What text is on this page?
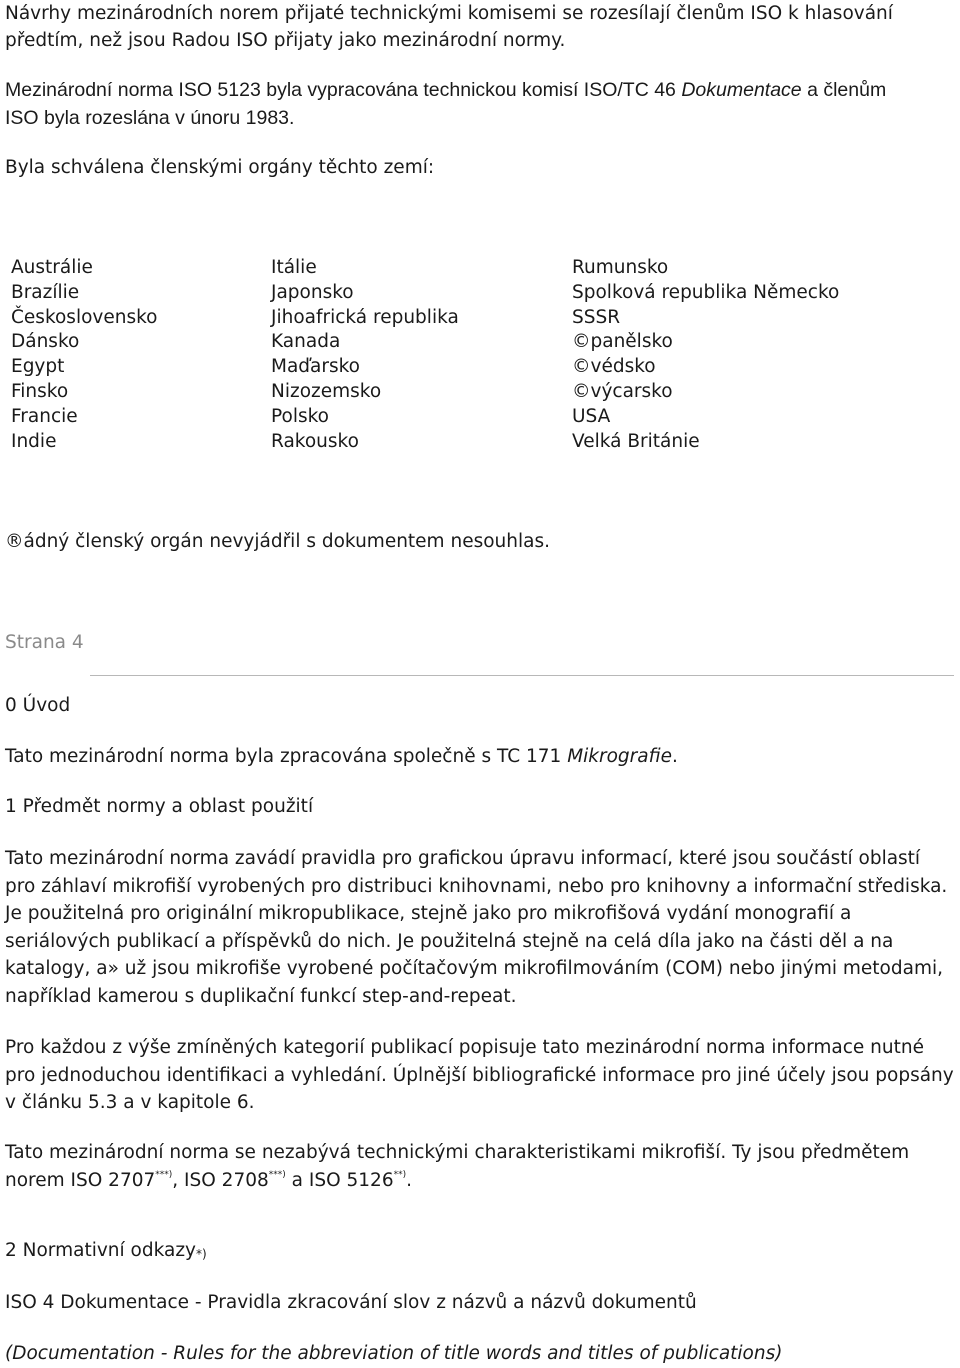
Návrhy mezinárodních norem přijaté technickými komisemi se rozesílají členům ISO k hlasování
předtím, než jsou Radou ISO přijaty jako mezinárodní normy.

Mezinárodní norma ISO 5123 byla vypracována technickou komisí ISO/TC 46 Dokumentace a členům
ISO byla rozeslána v únoru 1983.

Byla schválena členskými orgány těchto zemí:

Austrálie
Brazílie
Československo
Dánsko
Egypt
Finsko
Francie
Indie
Itálie
Japonsko
Jihoafrická republika
Kanada
Maďarsko
Nizozemsko
Polsko
Rakousko
Rumunsko
Spolková republika Německo
SSSR
©panělsko
©védsko
©výcarsko
USA
Velká Británie

®ádný členský orgán nevyjádřil s dokumentem nesouhlas.

Strana 4

0 Úvod

Tato mezinárodní norma byla zpracována společně s TC 171 Mikrografie.

1 Předmět normy a oblast použití

Tato mezinárodní norma zavádí pravidla pro grafickou úpravu informací, které jsou součástí oblastí pro záhlaví mikrofiší vyrobených pro distribuci knihovnami, nebo pro knihovny a informační střediska. Je použitelná pro originální mikropublikace, stejně jako pro mikrofišová vydání monografií a seriálových publikací a příspěvků do nich. Je použitelná stejně na celá díla jako na části děl a na katalogy, a» už jsou mikrofiše vyrobené počítačovým mikrofilmováním (COM) nebo jinými metodami, například kamerou s duplikační funkcí step-and-repeat.

Pro každou z výše zmíněných kategorií publikací popisuje tato mezinárodní norma informace nutné pro jednoduchou identifikaci a vyhledání. Úplnější bibliografické informace pro jiné účely jsou popsány v článku 5.3 a v kapitole 6.

Tato mezinárodní norma se nezabývá technickými charakteristikami mikrofiší. Ty jsou předmětem norem ISO 2707***), ISO 2708***) a ISO 5126**).

2 Normativní odkazy*)

ISO 4 Dokumentace - Pravidla zkracování slov z názvů a názvů dokumentů

(Documentation - Rules for the abbreviation of title words and titles of publications)
